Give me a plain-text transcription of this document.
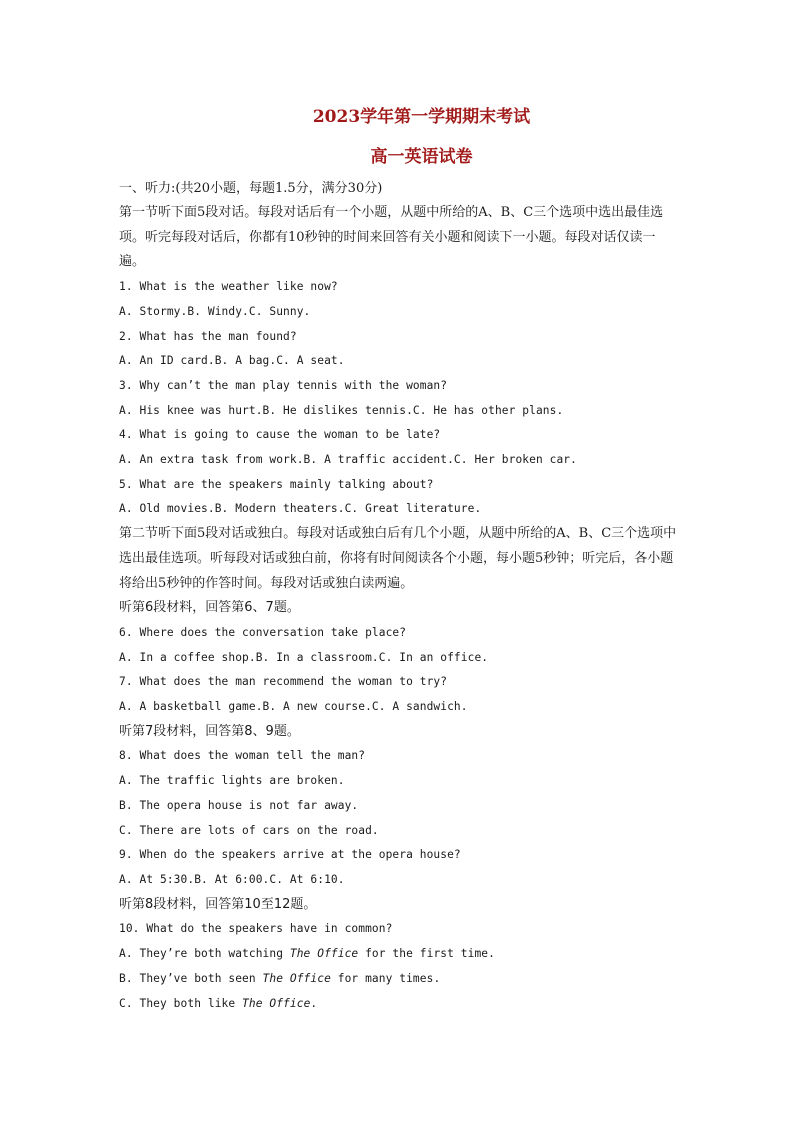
2023学年第一学期期末考试
高一英语试卷
一、听力:(共20小题，每题1.5分，满分30分)
第一节听下面5段对话。每段对话后有一个小题，从题中所给的A、B、C三个选项中选出最佳选项。听完每段对话后，你都有10秒钟的时间来回答有关小题和阅读下一小题。每段对话仅读一遍。
1. What is the weather like now?
A. Stormy.B. Windy.C. Sunny.
2. What has the man found?
A. An ID card.B. A bag.C. A seat.
3. Why can’t the man play tennis with the woman?
A. His knee was hurt.B. He dislikes tennis.C. He has other plans.
4. What is going to cause the woman to be late?
A. An extra task from work.B. A traffic accident.C. Her broken car.
5. What are the speakers mainly talking about?
A. Old movies.B. Modern theaters.C. Great literature.
第二节听下面5段对话或独白。每段对话或独白后有几个小题，从题中所给的A、B、C三个选项中选出最佳选项。听每段对话或独白前，你将有时间阅读各个小题，每小题5秒钟；听完后，各小题将给出5秒钟的作答时间。每段对话或独白读两遍。
听第6段材料，回答第6、7题。
6. Where does the conversation take place?
A. In a coffee shop.B. In a classroom.C. In an office.
7. What does the man recommend the woman to try?
A. A basketball game.B. A new course.C. A sandwich.
听第7段材料，回答第8、9题。
8. What does the woman tell the man?
A. The traffic lights are broken.
B. The opera house is not far away.
C. There are lots of cars on the road.
9. When do the speakers arrive at the opera house?
A. At 5:30.B. At 6:00.C. At 6:10.
听第8段材料，回答第10至12题。
10. What do the speakers have in common?
A. They’re both watching The Office for the first time.
B. They’ve both seen The Office for many times.
C. They both like The Office.
